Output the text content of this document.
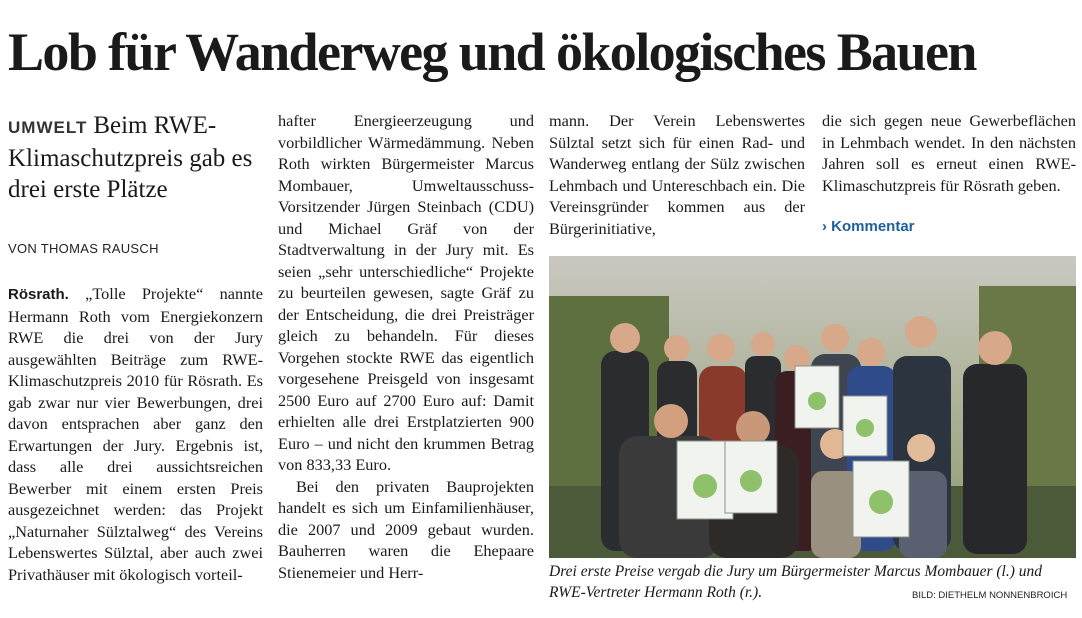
Lob für Wanderweg und ökologisches Bauen
UMWELT Beim RWE-Klimaschutzpreis gab es drei erste Plätze
VON THOMAS RAUSCH

Rösrath. „Tolle Projekte“ nannte Hermann Roth vom Energiekonzern RWE die drei von der Jury ausgewählten Beiträge zum RWE-Klimaschutzpreis 2010 für Rösrath. Es gab zwar nur vier Bewerbungen, drei davon entsprachen aber ganz den Erwartungen der Jury. Ergebnis ist, dass alle drei aussichtsreichen Bewerber mit einem ersten Preis ausgezeichnet werden: das Projekt „Naturnaher Sülztalweg“ des Vereins Lebenswertes Sülztal, aber auch zwei Privathäuser mit ökologisch vorteil-

hafter Energieerzeugung und vorbildlicher Wärmedämmung. Neben Roth wirkten Bürgermeister Marcus Mombauer, Umweltausschuss-Vorsitzender Jürgen Steinbach (CDU) und Michael Gräf von der Stadtverwaltung in der Jury mit. Es seien „sehr unterschiedliche“ Projekte zu beurteilen gewesen, sagte Gräf zu der Entscheidung, die drei Preisträger gleich zu behandeln. Für dieses Vorgehen stockte RWE das eigentlich vorgesehene Preisgeld von insgesamt 2500 Euro auf 2700 Euro auf: Damit erhielten alle drei Erstplatzierten 900 Euro – und nicht den krummen Betrag von 833,33 Euro.

Bei den privaten Bauprojekten handelt es sich um Einfamilienhäuser, die 2007 und 2009 gebaut wurden. Bauherren waren die Ehepaare Stienemeier und Herr-

mann. Der Verein Lebenswertes Sülztal setzt sich für einen Rad- und Wanderweg entlang der Sülz zwischen Lehmbach und Untereschbach ein. Die Vereinsgründer kommen aus der Bürgerinitiative,

die sich gegen neue Gewerbeflächen in Lehmbach wendet. In den nächsten Jahren soll es erneut einen RWE-Klimaschutzpreis für Rösrath geben.

› Kommentar
Drei erste Preise vergab die Jury um Bürgermeister Marcus Mombauer (l.) und RWE-Vertreter Hermann Roth (r.).	BILD: DIETHELM NONNENBROICH
